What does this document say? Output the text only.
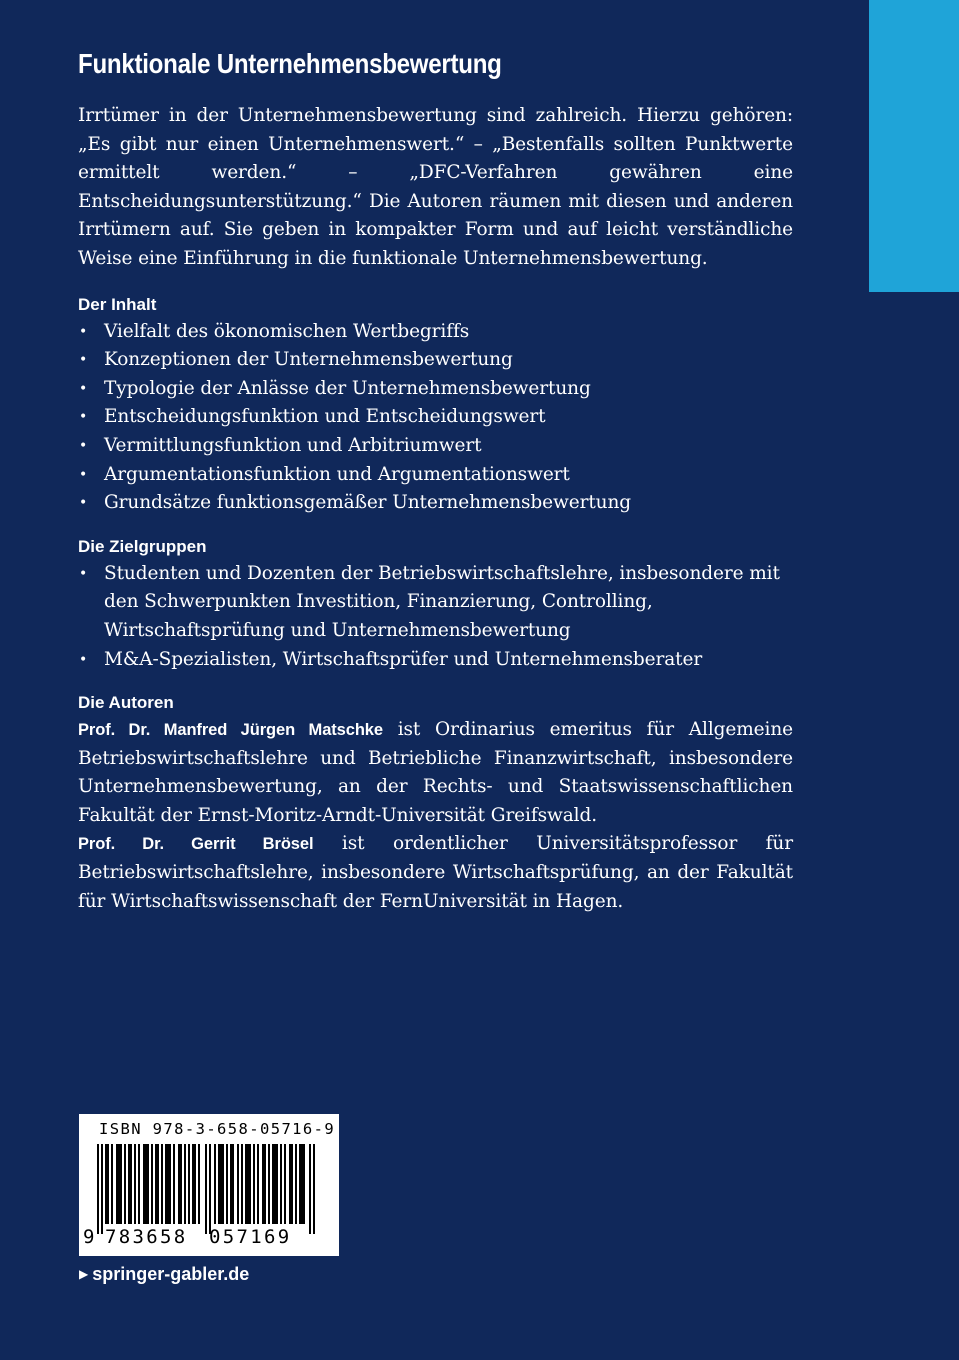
Funktionale Unternehmensbewertung

Irrtümer in der Unternehmensbewertung sind zahlreich. Hierzu gehören: „Es gibt nur einen Unternehmenswert.“ – „Bestenfalls sollten Punktwerte ermittelt werden.“ – „DFC-Verfahren gewähren eine Entscheidungsunterstützung.“ Die Autoren räumen mit diesen und anderen Irrtümern auf. Sie geben in kompakter Form und auf leicht verständliche Weise eine Einführung in die funktionale Unternehmensbewertung.

Der Inhalt
• Vielfalt des ökonomischen Wertbegriffs
• Konzeptionen der Unternehmensbewertung
• Typologie der Anlässe der Unternehmensbewertung
• Entscheidungsfunktion und Entscheidungswert
• Vermittlungsfunktion und Arbitriumwert
• Argumentationsfunktion und Argumentationswert
• Grundsätze funktionsgemäßer Unternehmensbewertung
Die Zielgruppen
• Studenten und Dozenten der Betriebswirtschaftslehre, insbesondere mit den Schwerpunkten Investition, Finanzierung, Controlling, Wirtschaftsprüfung und Unternehmensbewertung
• M&A-Spezialisten, Wirtschaftsprüfer und Unternehmensberater
Die Autoren

Prof. Dr. Manfred Jürgen Matschke ist Ordinarius emeritus für Allgemeine Betriebswirtschaftslehre und Betriebliche Finanzwirtschaft, insbesondere Unternehmensbewertung, an der Rechts- und Staatswissenschaftlichen Fakultät der Ernst-Moritz-Arndt-Universität Greifswald.

Prof. Dr. Gerrit Brösel ist ordentlicher Universitätsprofessor für Betriebswirtschaftslehre, insbesondere Wirtschaftsprüfung, an der Fakultät für Wirtschaftswissenschaft der FernUniversität in Hagen.

ISBN 978-3-658-05716-9
9 783658 057169
▶ springer-gabler.de
